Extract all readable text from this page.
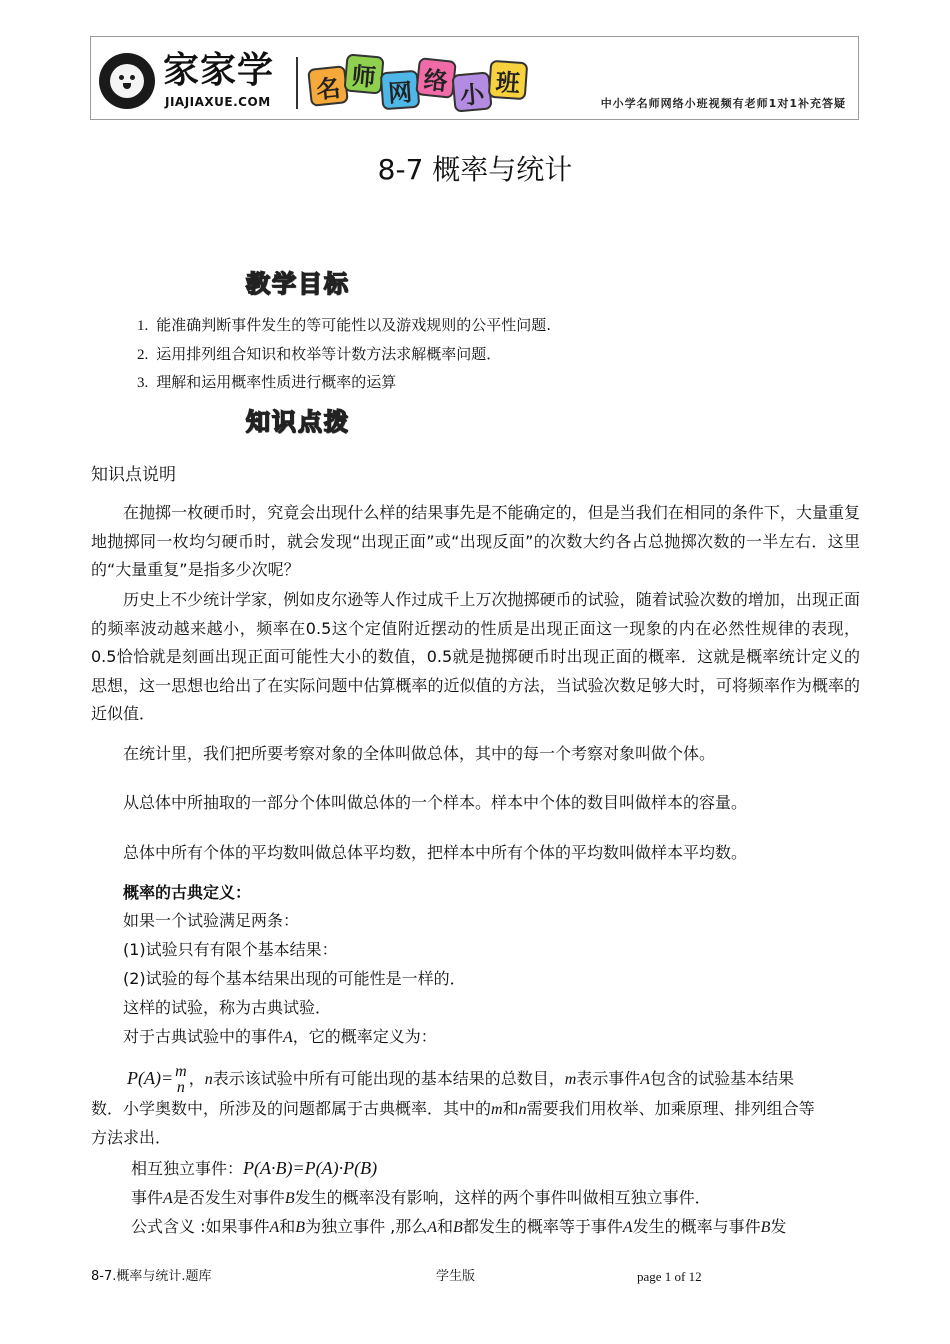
家家学
JIAJIAXUE.COM	名 师
网 络 小 班
中小学名师网络小班视频有老师1对1补充答疑
8-7 概率与统计
教学目标
1. 能准确判断事件发生的等可能性以及游戏规则的公平性问题.
2. 运用排列组合知识和枚举等计数方法求解概率问题．
3. 理解和运用概率性质进行概率的运算
知识点拨
知识点说明
在抛掷一枚硬币时，究竟会出现什么样的结果事先是不能确定的，但是当我们在相同的条件下，大量重复地抛掷同一枚均匀硬币时，就会发现“出现正面”或“出现反面”的次数大约各占总抛掷次数的一半左右．这里的“大量重复”是指多少次呢？
历史上不少统计学家，例如皮尔逊等人作过成千上万次抛掷硬币的试验，随着试验次数的增加，出现正面的频率波动越来越小，频率在0.5这个定值附近摆动的性质是出现正面这一现象的内在必然性规律的表现，0.5恰恰就是刻画出现正面可能性大小的数值，0.5就是抛掷硬币时出现正面的概率．这就是概率统计定义的思想，这一思想也给出了在实际问题中估算概率的近似值的方法，当试验次数足够大时，可将频率作为概率的近似值．
在统计里，我们把所要考察对象的全体叫做总体，其中的每一个考察对象叫做个体。
从总体中所抽取的一部分个体叫做总体的一个样本。样本中个体的数目叫做样本的容量。
总体中所有个体的平均数叫做总体平均数，把样本中所有个体的平均数叫做样本平均数。
概率的古典定义：
如果一个试验满足两条：
(1)试验只有有限个基本结果：
(2)试验的每个基本结果出现的可能性是一样的．
这样的试验，称为古典试验．
对于古典试验中的事件A，它的概率定义为：
P(A)= m
n ，n表示该试验中所有可能出现的基本结果的总数目，m表示事件A包含的试验基本结果
数．小学奥数中，所涉及的问题都属于古典概率．其中的m和n需要我们用枚举、加乘原理、排列组合等
方法求出．
相互独立事件：P(A·B)=P(A)·P(B)
事件A是否发生对事件B发生的概率没有影响，这样的两个事件叫做相互独立事件．
公式含义 :如果事件A和B为独立事件 ,那么A和B都发生的概率等于事件A发生的概率与事件B发
8-7.概率与统计.题库	学生版	page 1 of 12
